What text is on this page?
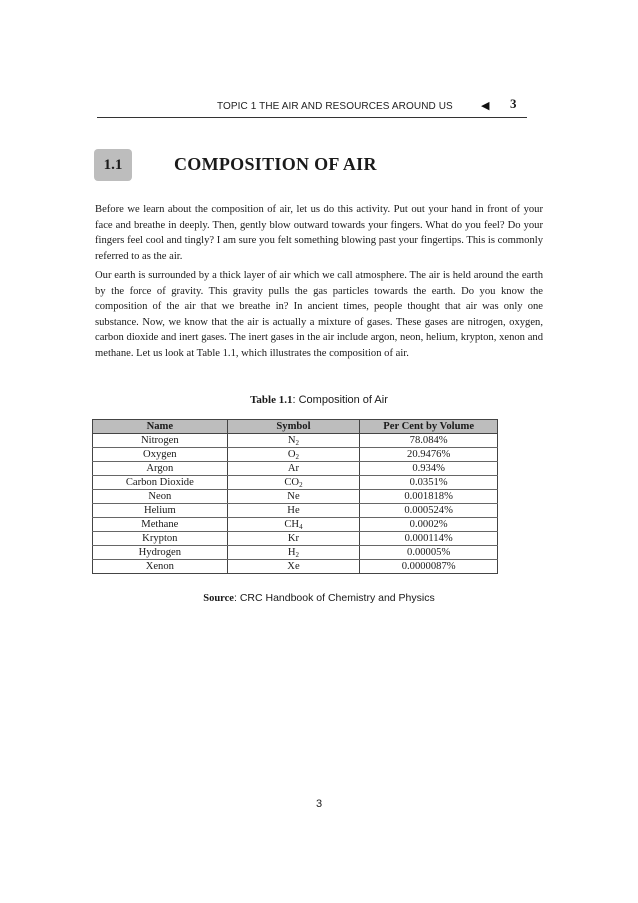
TOPIC 1 THE AIR AND RESOURCES AROUND US	◀ 3
1.1	COMPOSITION OF AIR

Before we learn about the composition of air, let us do this activity. Put out your hand in front of your face and breathe in deeply. Then, gently blow outward towards your fingers. What do you feel? Do your fingers feel cool and tingly? I am sure you felt something blowing past your fingertips. This is commonly referred to as the air.

Our earth is surrounded by a thick layer of air which we call atmosphere. The air is held around the earth by the force of gravity. This gravity pulls the gas particles towards the earth. Do you know the composition of the air that we breathe in? In ancient times, people thought that air was only one substance. Now, we know that the air is actually a mixture of gases. These gases are nitrogen, oxygen, carbon dioxide and inert gases. The inert gases in the air include argon, neon, helium, krypton, xenon and methane. Let us look at Table 1.1, which illustrates the composition of air.

Table 1.1: Composition of Air
Name	Symbol	Per Cent by Volume
Nitrogen	$N_2$	78.084%
Oxygen	$O_2$	20.9476%
Argon	Ar	0.934%
Carbon Dioxide	$CO_2$	0.0351%
Neon	Ne	0.001818%
Helium	He	0.000524%
Methane	$CH_4$	0.0002%
Krypton	Kr	0.000114%
Hydrogen	$H_2$	0.00005%
Xenon	Xe	0.0000087%
Source: CRC Handbook of Chemistry and Physics
3
